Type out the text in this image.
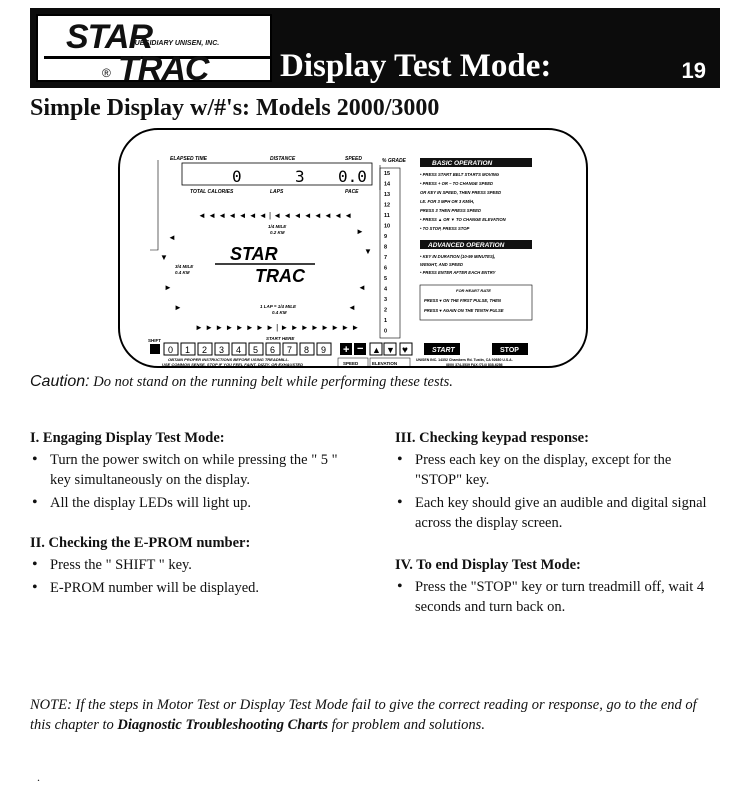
STAR
SUBSIDIARY UNISEN, INC.
® TRAC Display Test Mode:	19
Simple Display w/#'s: Models 2000/3000
ELAPSED TIME	DISTANCE	SPEED	% GRADE
0	3 0.0
TOTAL CALORIES	LAPS	PACE
◄ ◄ ◄ ◄ ◄ ◄ ◄ | ◄ ◄ ◄ ◄ ◄ ◄ ◄ ◄
► ► ► ► ► ► ► ► | ► ► ► ► ► ► ► ►
◄
▼
►
►
►
▼
◄
◄
1/4 MILE
0.2 KM
3/4 MILE
0.4 KM
STAR
TRAC
1 LAP = 1/4 MILE
0.4 KM
START HERE
SHIFT
15
14
13
12
11
10
9
8
7
6
5
4
3
2
1
0
BASIC OPERATION
• PRESS START BELT STARTS MOVING
• PRESS + OR − TO CHANGE SPEED
OR KEY IN SPEED, THEN PRESS SPEED
I.E. FOR 3 MPH OR 3 KM/H,
PRESS 3 THEN PRESS SPEED
• PRESS ▲ OR ▼ TO CHANGE ELEVATION
• TO STOP, PRESS STOP
ADVANCED OPERATION
• KEY IN DURATION (10-99 MINUTES),
WEIGHT, AND SPEED
• PRESS ENTER AFTER EACH ENTRY
FOR HEART RATE
PRESS ♥ ON THE FIRST PULSE, THEN
PRESS ♥ AGAIN ON THE TENTH PULSE
0 1 2 3 4 5 6 7 8 9 + − ▲ ▼ ♥
SPEED	ELEVATION
START	STOP
OBTAIN PROPER INSTRUCTIONS BEFORE USING TREADMILL.
USE COMMON SENSE. STOP IF YOU FEEL FAINT, DIZZY, OR EXHAUSTED
UNISEN INC. 14352 Chambers Rd. Tustin, CA 92680 U.S.A.
(800) 374-3539 FAX (714) 838-6286
Caution: Do not stand on the running belt while performing these tests.
I. Engaging Display Test Mode:
• Turn the power switch on while pressing the " 5 " key simultaneously on the display.
• All the display LEDs will light up.
II. Checking the E-PROM number:
• Press the " SHIFT " key.
• E-PROM number will be displayed.
III. Checking keypad response:
• Press each key on the display, except for the "STOP" key.
• Each key should give an audible and digital signal across the display screen.
IV. To end Display Test Mode:
• Press the "STOP" key or turn treadmill off, wait 4 seconds and turn back on.
NOTE: If the steps in Motor Test or Display Test Mode fail to give the correct reading or response, go to the end of this chapter to Diagnostic Troubleshooting Charts for problem and solutions.
.
